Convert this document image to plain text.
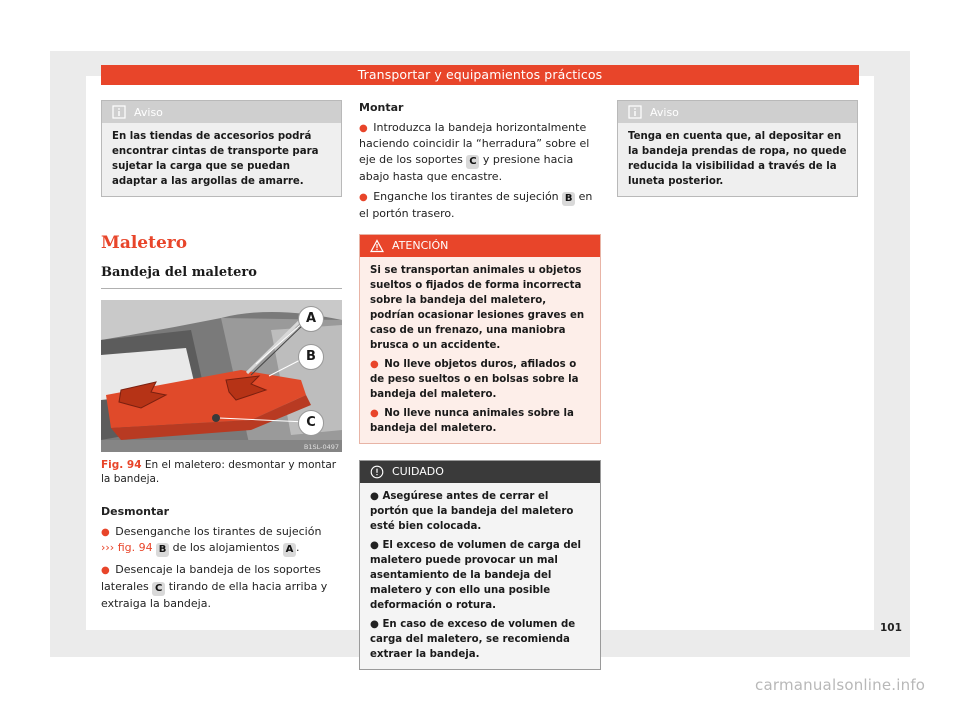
Transportar y equipamientos prácticos
Aviso
En las tiendas de accesorios podrá encontrar cintas de transporte para sujetar la carga que se puedan adaptar a las argollas de amarre.
Maletero
Bandeja del maletero
A
B
C
B1SL-0497
Fig. 94 En el maletero: desmontar y montar la bandeja.
Desmontar

● Desenganche los tirantes de sujeción
››› fig. 94 B de los alojamientos A .

● Desencaje la bandeja de los soportes laterales C tirando de ella hacia arriba y extraiga la bandeja.

Montar

● Introduzca la bandeja horizontalmente haciendo coincidir la “herradura” sobre el eje de los soportes C y presione hacia abajo hasta que encastre.

● Enganche los tirantes de sujeción B en el portón trasero.

ATENCIÓN

Si se transportan animales u objetos sueltos o fijados de forma incorrecta sobre la bandeja del maletero, podrían ocasionar lesiones graves en caso de un frenazo, una maniobra brusca o un accidente.

● No lleve objetos duros, afilados o de peso sueltos o en bolsas sobre la bandeja del maletero.

● No lleve nunca animales sobre la bandeja del maletero.

CUIDADO

● Asegúrese antes de cerrar el portón que la bandeja del maletero esté bien colocada.

● El exceso de volumen de carga del maletero puede provocar un mal asentamiento de la bandeja del maletero y con ello una posible deformación o rotura.

● En caso de exceso de volumen de carga del maletero, se recomienda extraer la bandeja.

Aviso
Tenga en cuenta que, al depositar en la bandeja prendas de ropa, no quede reducida la visibilidad a través de la luneta posterior.
101
carmanualsonline.info
